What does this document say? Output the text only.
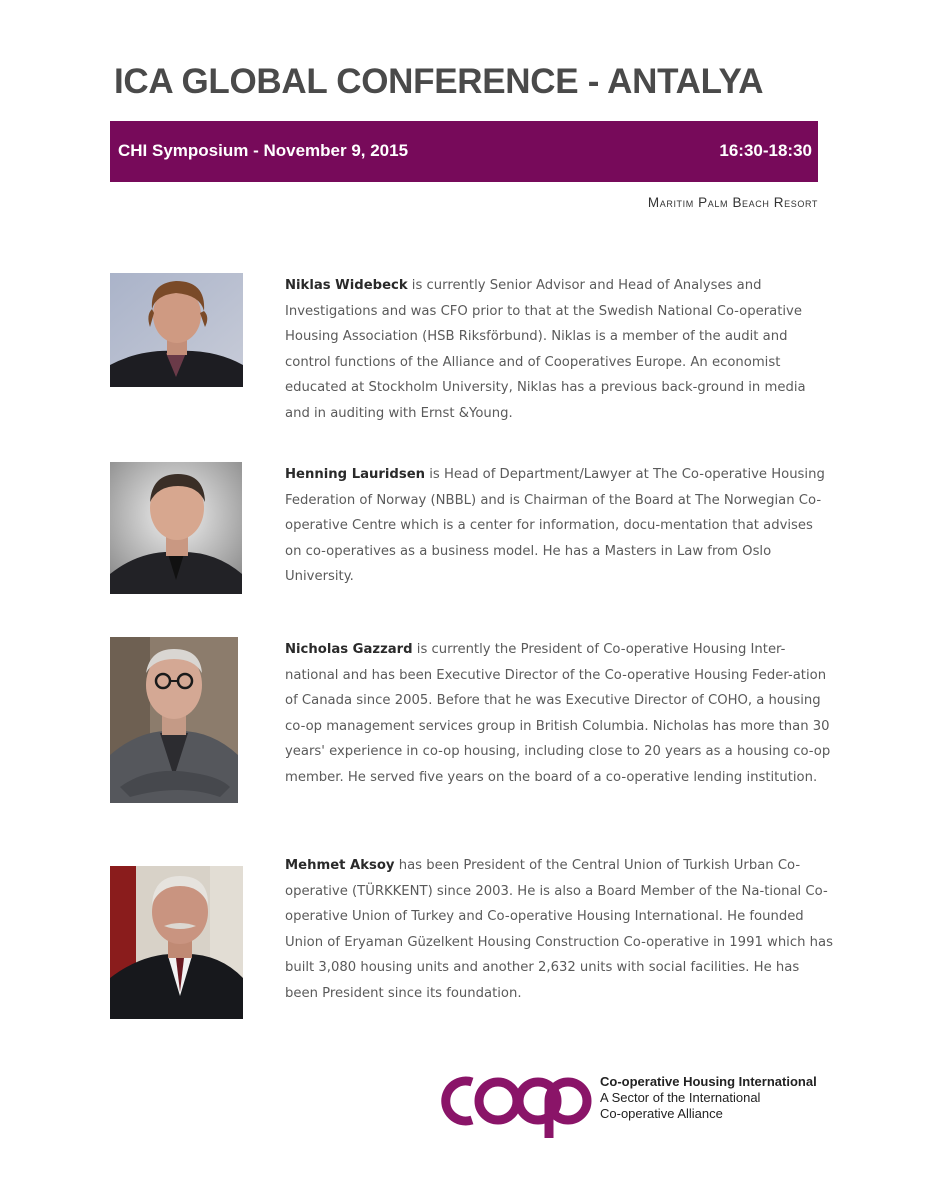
ICA GLOBAL CONFERENCE - ANTALYA
CHI Symposium - November 9, 2015	16:30-18:30
Maritim Palm Beach Resort
Niklas Widebeck is currently Senior Advisor and Head of Analyses and Investigations and was CFO prior to that at the Swedish National Co-operative Housing Association (HSB Riksförbund). Niklas is a member of the audit and control functions of the Alliance and of Cooperatives Europe. An economist educated at Stockholm University, Niklas has a previous back-ground in media and in auditing with Ernst &Young.
Henning Lauridsen is Head of Department/Lawyer at The Co-operative Housing Federation of Norway (NBBL) and is Chairman of the Board at The Norwegian Co-operative Centre which is a center for information, docu-mentation that advises on co-operatives as a business model. He has a Masters in Law from Oslo University.
Nicholas Gazzard is currently the President of Co-operative Housing Inter-national and has been Executive Director of the Co-operative Housing Feder-ation of Canada since 2005. Before that he was Executive Director of COHO, a housing co-op management services group in British Columbia. Nicholas has more than 30 years' experience in co-op housing, including close to 20 years as a housing co-op member. He served five years on the board of a co-operative lending institution.
Mehmet Aksoy has been President of the Central Union of Turkish Urban Co-operative (TÜRKKENT) since 2003. He is also a Board Member of the Na-tional Co-operative Union of Turkey and Co-operative Housing International. He founded Union of Eryaman Güzelkent Housing Construction Co-operative in 1991 which has built 3,080 housing units and another 2,632 units with social facilities. He has been President since its foundation.
Co-operative Housing International
A Sector of the International
Co-operative Alliance
